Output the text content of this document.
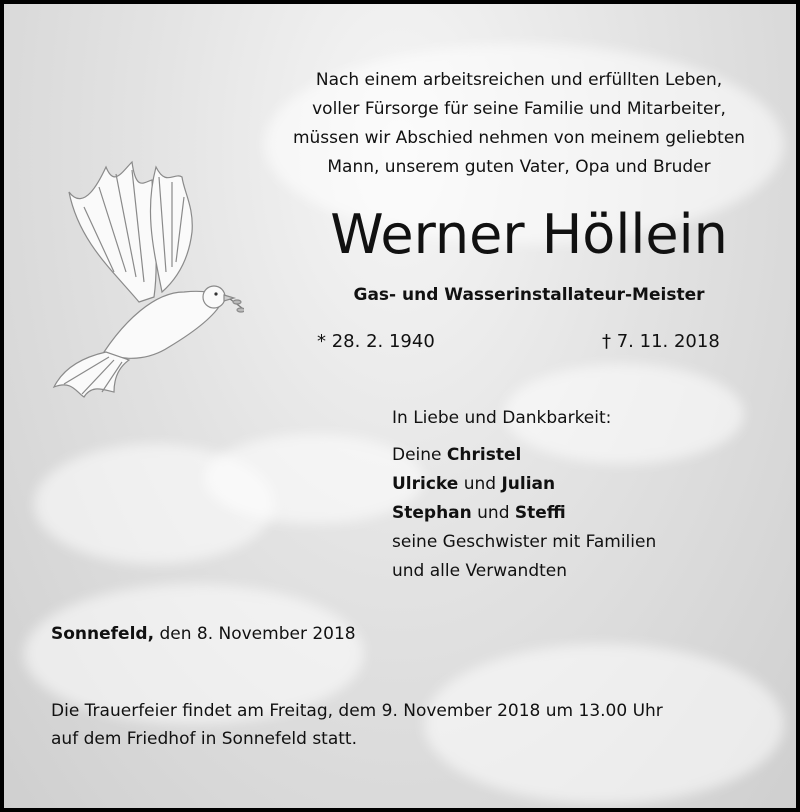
Nach einem arbeitsreichen und erfüllten Leben,
voller Fürsorge für seine Familie und Mitarbeiter,
müssen wir Abschied nehmen von meinem geliebten
Mann, unserem guten Vater, Opa und Bruder
Werner Höllein
Gas- und Wasserinstallateur-Meister
* 28. 2. 1940	† 7. 11. 2018
In Liebe und Dankbarkeit:
Deine Christel
Ulricke und Julian
Stephan und Steffi
seine Geschwister mit Familien
und alle Verwandten
Sonnefeld, den 8. November 2018
Die Trauerfeier findet am Freitag, dem 9. November 2018 um 13.00 Uhr
auf dem Friedhof in Sonnefeld statt.
